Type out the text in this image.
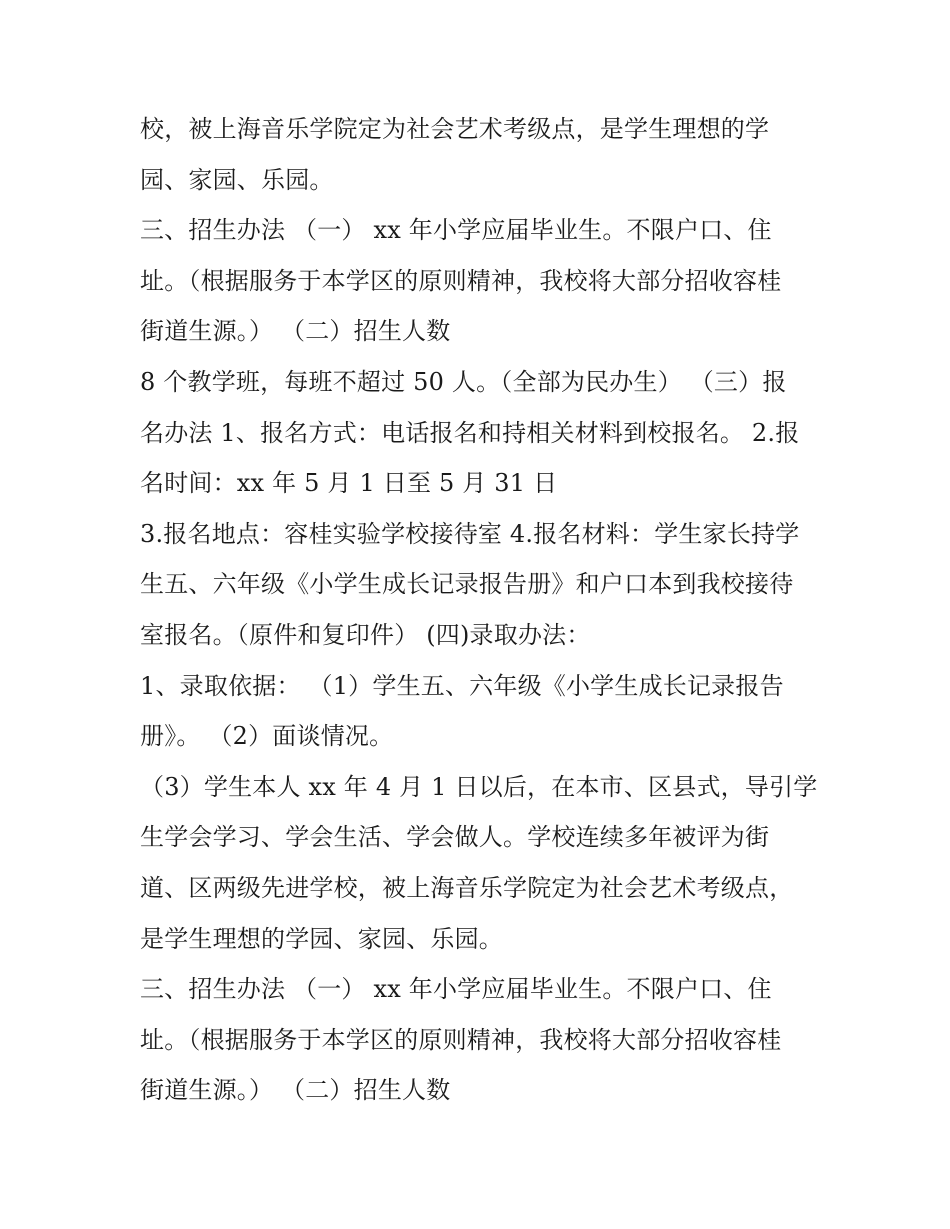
校，被上海音乐学院定为社会艺术考级点，是学生理想的学
园、家园、乐园。
三、招生办法 （一） xx 年小学应届毕业生。不限户口、住
址。（根据服务于本学区的原则精神，我校将大部分招收容桂
街道生源。） （二）招生人数
8 个教学班，每班不超过 50 人。（全部为民办生） （三）报
名办法 1、报名方式：电话报名和持相关材料到校报名。 2.报
名时间：xx 年 5 月 1 日至 5 月 31 日
3.报名地点：容桂实验学校接待室 4.报名材料：学生家长持学
生五、六年级《小学生成长记录报告册》和户口本到我校接待
室报名。（原件和复印件） (四)录取办法：
1、录取依据： （1）学生五、六年级《小学生成长记录报告
册》。 （2）面谈情况。
（3）学生本人 xx 年 4 月 1 日以后，在本市、区县式，导引学
生学会学习、学会生活、学会做人。学校连续多年被评为街
道、区两级先进学校，被上海音乐学院定为社会艺术考级点，
是学生理想的学园、家园、乐园。
三、招生办法 （一） xx 年小学应届毕业生。不限户口、住
址。（根据服务于本学区的原则精神，我校将大部分招收容桂
街道生源。） （二）招生人数
